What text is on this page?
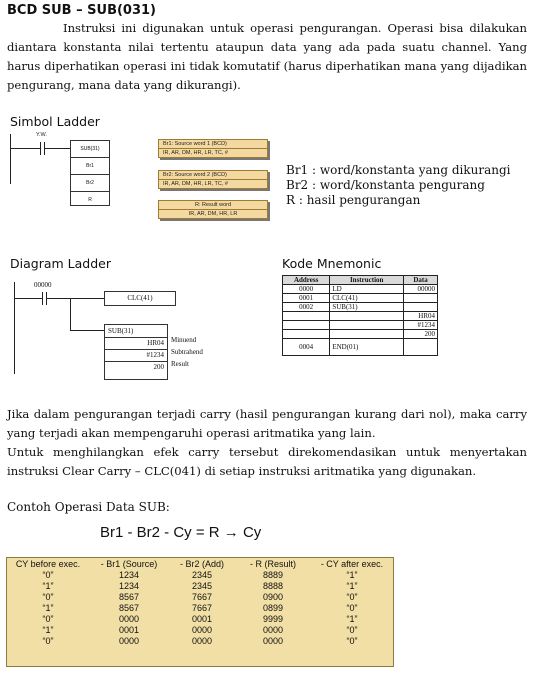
BCD SUB – SUB(031)
Instruksi ini digunakan untuk operasi pengurangan. Operasi bisa dilakukan diantara konstanta nilai tertentu ataupun data yang ada pada suatu channel. Yang harus diperhatikan operasi ini tidak komutatif (harus diperhatikan mana yang dijadikan pengurang, mana data yang dikurangi).
Simbol Ladder
Y.W.
SUB(31)
Br1
Br2
R
Br1: Source word 1 (BCD)
IR, AR, DM, HR, LR, TC, #
Br2: Source word 2 (BCD)
IR, AR, DM, HR, LR, TC, #
R: Result word
IR, AR, DM, HR, LR
Br1 : word/konstanta yang dikurangi
Br2 : word/konstanta pengurang
R : hasil pengurangan
Diagram Ladder
00000
CLC(41)
SUB(31)
HR04
#1234
200
Minuend
Subtrahend
Result
Kode Mnemonic
Address	Instruction	Data
0000	LD	00000
0001	CLC(41)	
0002	SUB(31)	
		HR04
		#1234
		200
0004	END(01)	
Jika dalam pengurangan terjadi carry (hasil pengurangan kurang dari nol), maka carry yang terjadi akan mempengaruhi operasi aritmatika yang lain.
Untuk menghilangkan efek carry tersebut direkomendasikan untuk menyertakan instruksi Clear Carry – CLC(041) di setiap instruksi aritmatika yang digunakan.
Contoh Operasi Data SUB:
Br1 - Br2 - Cy = R → Cy
CY before exec.	- Br1 (Source)	- Br2 (Add)	- R (Result)	- CY after exec.
“0”	1234	2345	8889	“1”
“1”	1234	2345	8888	“1”
“0”	8567	7667	0900	“0”
“1”	8567	7667	0899	“0”
“0”	0000	0001	9999	“1”
“1”	0001	0000	0000	“0”
“0”	0000	0000	0000	“0”
